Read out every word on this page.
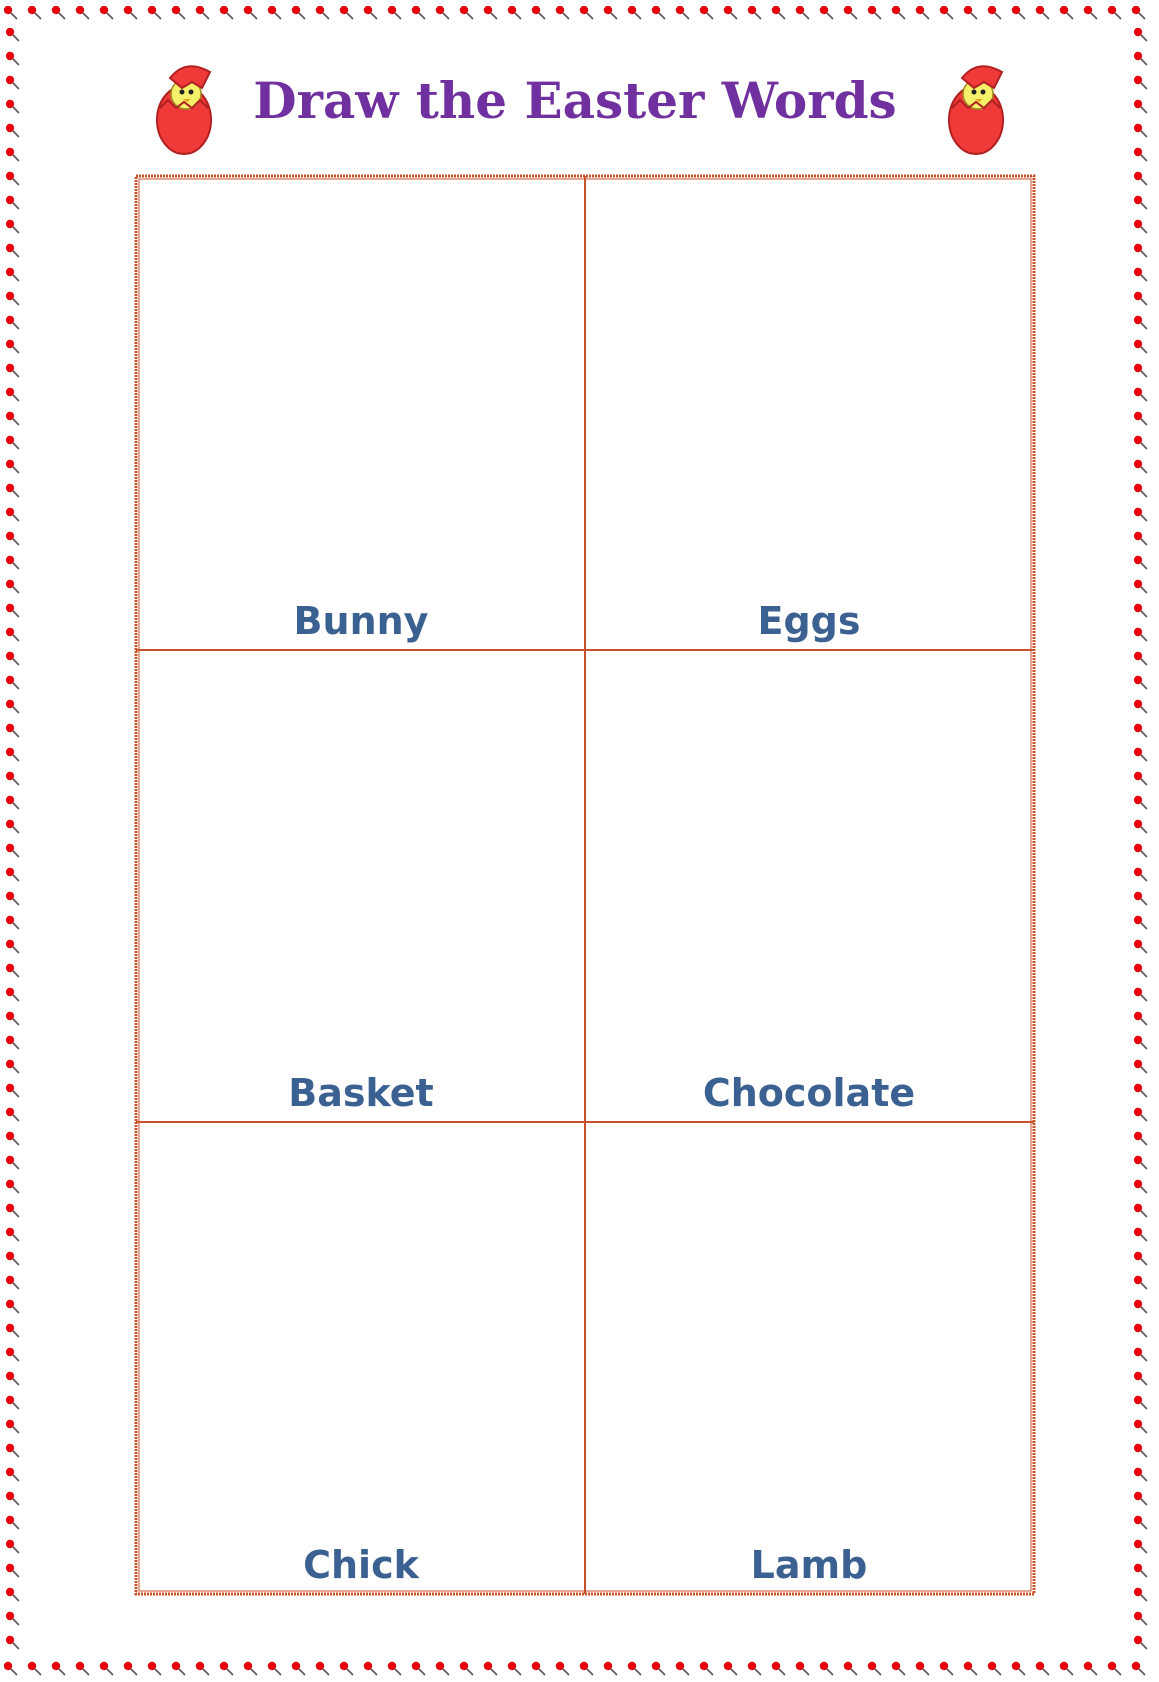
Draw the Easter Words
Bunny	Eggs
Basket	Chocolate
Chick	Lamb
